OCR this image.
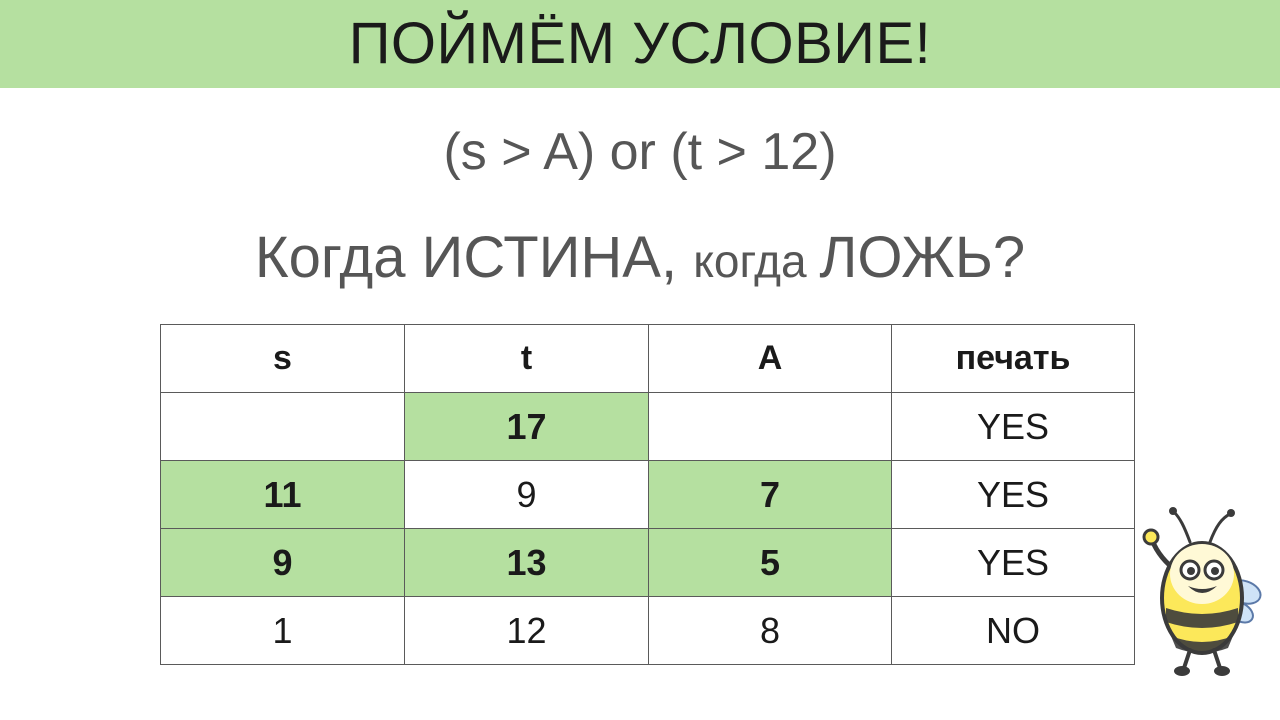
ПОЙМЁМ УСЛОВИЕ!
(s > A) or (t > 12)
Когда ИСТИНА, когда ЛОЖЬ?
s	t	A	печать
	17		YES
11	9	7	YES
9	13	5	YES
1	12	8	NO
